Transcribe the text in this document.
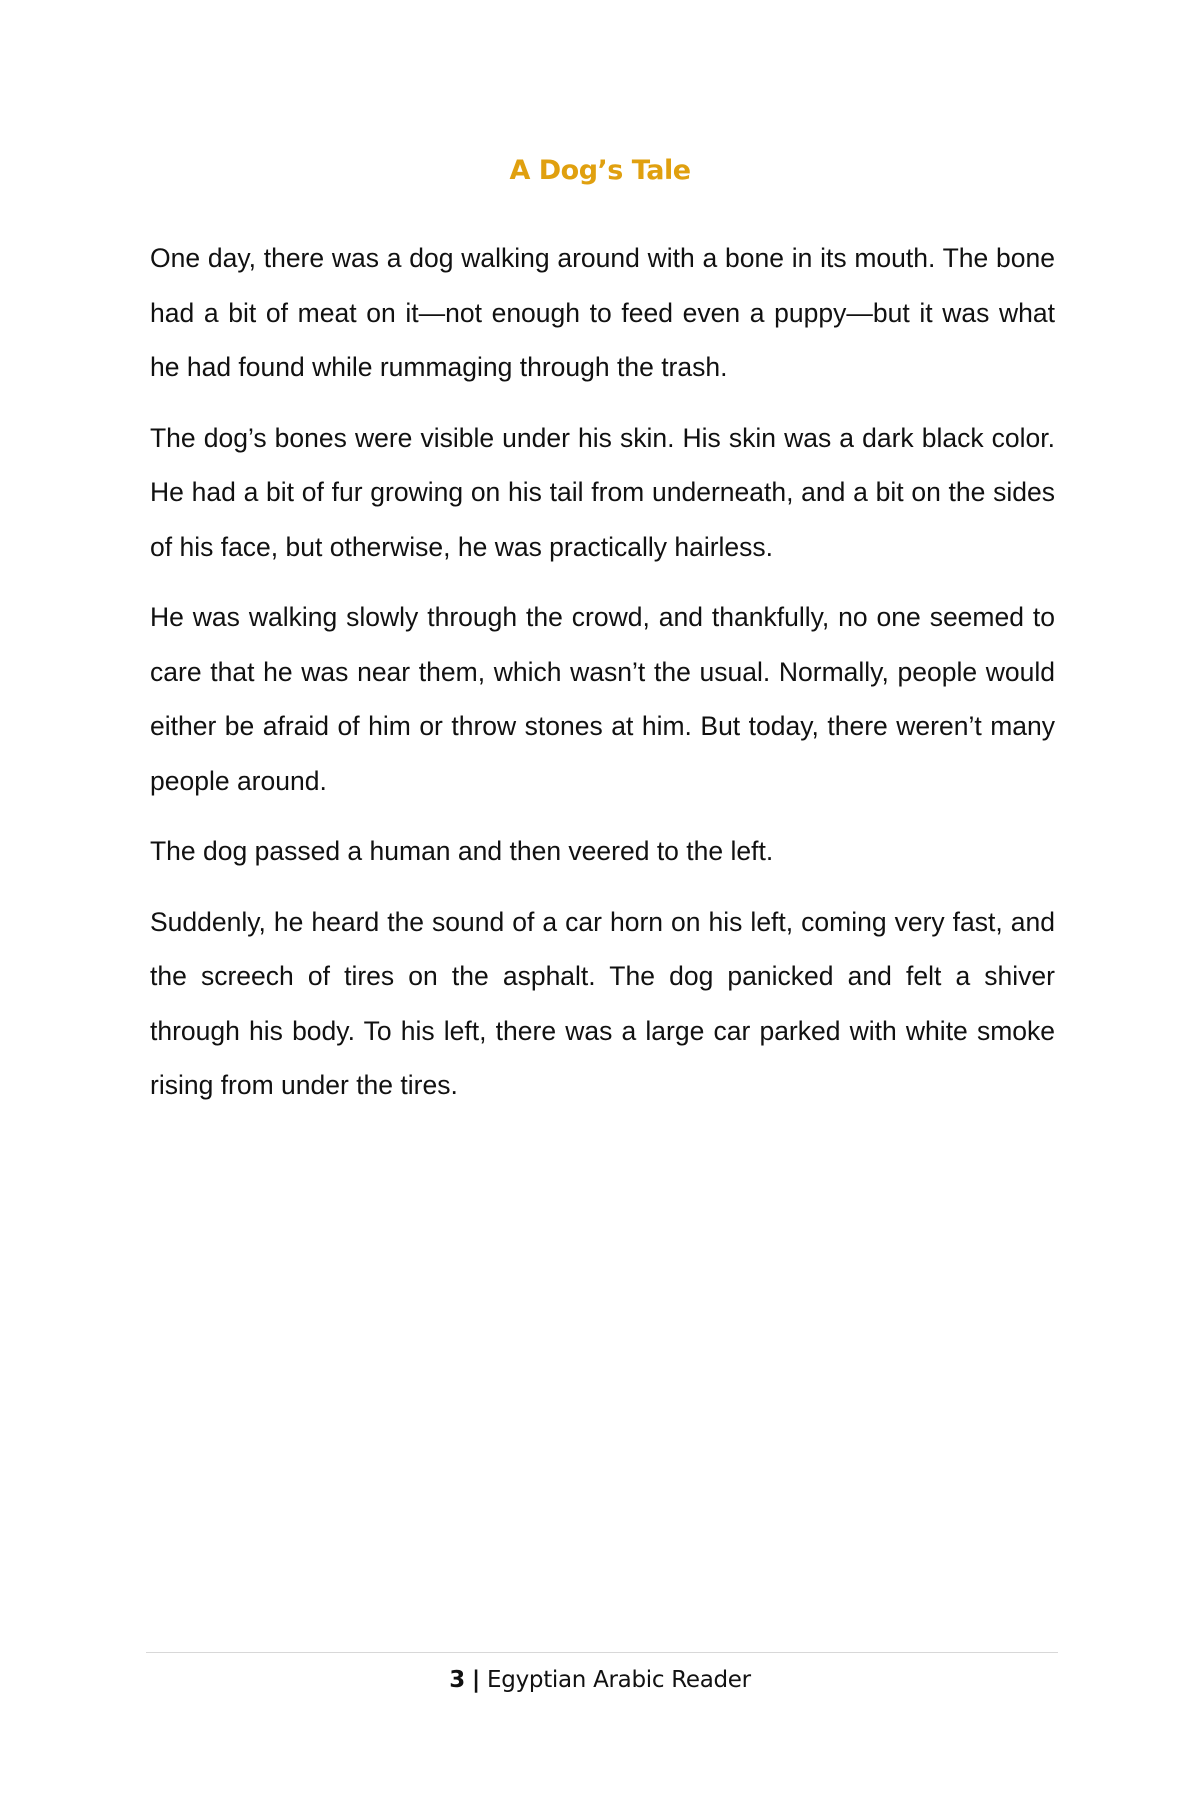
A Dog’s Tale

One day, there was a dog walking around with a bone in its mouth. The bone had a bit of meat on it—not enough to feed even a puppy—but it was what he had found while rummaging through the trash.

The dog’s bones were visible under his skin. His skin was a dark black color. He had a bit of fur growing on his tail from underneath, and a bit on the sides of his face, but otherwise, he was practically hairless.

He was walking slowly through the crowd, and thankfully, no one seemed to care that he was near them, which wasn’t the usual. Normally, people would either be afraid of him or throw stones at him. But today, there weren’t many people around.

The dog passed a human and then veered to the left.

Suddenly, he heard the sound of a car horn on his left, coming very fast, and the screech of tires on the asphalt. The dog panicked and felt a shiver through his body. To his left, there was a large car parked with white smoke rising from under the tires.

3 | Egyptian Arabic Reader
